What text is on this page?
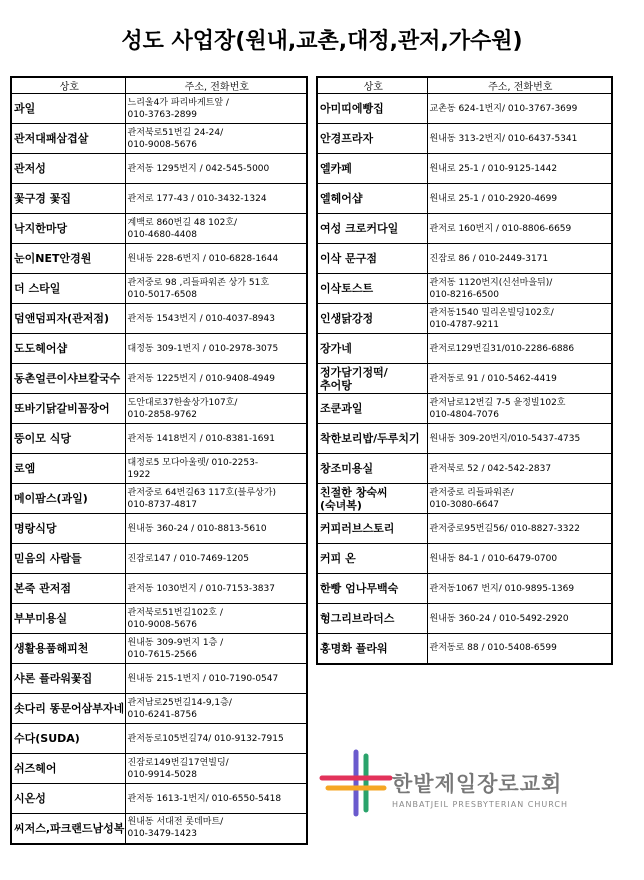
성도 사업장(원내,교촌,대정,관저,가수원)
상호	주소, 전화번호
과일	느리울4가 파리바게트앞 /
010-3763-2899
관저대패삼겹살	관저북로51번길 24-24/
010-9008-5676
관저성	관저동 1295번지 / 042-545-5000
꽃구경 꽃집	관저로 177-43 / 010-3432-1324
낙지한마당	계백로 860번길 48 102호/
010-4680-4408
눈이NET안경원	원내동 228-6번지 / 010-6828-1644
더 스타일	관저중로 98 ,리들파워존 상가 51호
010-5017-6508
덤앤덤피자(관저점)	관저동 1543번지 / 010-4037-8943
도도헤어샵	대정동 309-1번지 / 010-2978-3075
동촌얼큰이샤브칼국수	관저동 1225번지 / 010-9408-4949
또바기닭갈비꼼장어	도안대로37한솔상가107호/
010-2858-9762
뚱이모 식당	관저동 1418번지 / 010-8381-1691
로엠	대정로5 모다아울렛/ 010-2253-
1922
메이팜스(과일)	관저중로 64번길63 117호(블루상가)
010-8737-4817
명랑식당	원내동 360-24 / 010-8813-5610
믿음의 사람들	진잠로147 / 010-7469-1205
본죽 관저점	관저동 1030번지 / 010-7153-3837
부부미용실	관저북로51번길102호 /
010-9008-5676
생활용품해피천	원내동 309-9번지 1층 /
010-7615-2566
샤론 플라워꽃집	원내동 215-1번지 / 010-7190-0547
솟다리 똥문어삼부자네	관저남로25번길14-9,1층/
010-6241-8756
수다(SUDA)	관저동로105번길74/ 010-9132-7915
쉬즈헤어	진잠로149번길17연빌딩/
010-9914-5028
시온성	관저동 1613-1번지/ 010-6550-5418
씨저스,파크랜드남성복	원내동 서대전 롯데마트/
010-3479-1423
상호	주소, 전화번호
아미띠에빵집	교촌동 624-1번지/ 010-3767-3699
안경프라자	원내동 313-2번지/ 010-6437-5341
엘카페	원내로 25-1 / 010-9125-1442
엘헤어샵	원내로 25-1 / 010-2920-4699
여성 크로커다일	관저로 160번지 / 010-8806-6659
이삭 문구점	진잠로 86 / 010-2449-3171
이삭토스트	관저동 1120번지(신선마을뒤)/
010-8216-6500
인생닭강정	관저동1540 밀리온빌딩102호/
010-4787-9211
장가네	관저로129번길31/010-2286-6886
정가담기정떡/
추어탕	관저동로 91 / 010-5462-4419
조쿤과일	관저남로12번길 7-5 윤정빌102호
010-4804-7076
착한보리밥/두루치기	원내동 309-20번지/010-5437-4735
창조미용실	관저북로 52 / 042-542-2837
친절한 창숙씨
(숙녀복)	관저중로 리들파워존/
010-3080-6647
커피러브스토리	관저중로95번길56/ 010-8827-3322
커피 온	원내동 84-1 / 010-6479-0700
한빵 엄나무백숙	관저동1067 번지/ 010-9895-1369
헝그리브라더스	원내동 360-24 / 010-5492-2920
홍명화 플라워	관저동로 88 / 010-5408-6599
한밭제일장로교회
HANBATJEIL PRESBYTERIAN CHURCH
